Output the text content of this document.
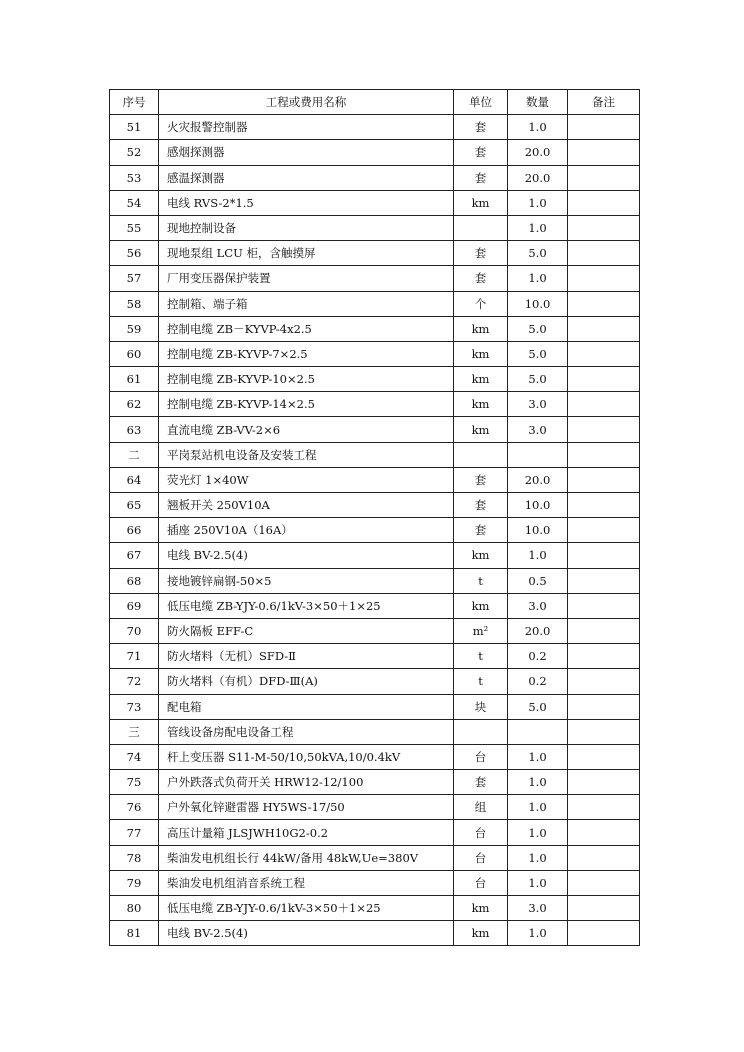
序号	工程或费用名称	单位	数量	备注
51	火灾报警控制器	套	1.0	
52	感烟探测器	套	20.0	
53	感温探测器	套	20.0	
54	电线 RVS-2*1.5	km	1.0	
55	现地控制设备		1.0	
56	现地泵组 LCU 柜，含触摸屏	套	5.0	
57	厂用变压器保护装置	套	1.0	
58	控制箱、端子箱	个	10.0	
59	控制电缆 ZB－KYVP-4x2.5	km	5.0	
60	控制电缆 ZB-KYVP-7×2.5	km	5.0	
61	控制电缆 ZB-KYVP-10×2.5	km	5.0	
62	控制电缆 ZB-KYVP-14×2.5	km	3.0	
63	直流电缆 ZB-VV-2×6	km	3.0	
二	平岗泵站机电设备及安装工程			
64	荧光灯 1×40W	套	20.0	
65	翘板开关 250V10A	套	10.0	
66	插座 250V10A（16A）	套	10.0	
67	电线 BV-2.5(4)	km	1.0	
68	接地镀锌扁钢-50×5	t	0.5	
69	低压电缆 ZB-YJY-0.6/1kV-3×50＋1×25	km	3.0	
70	防火隔板 EFF-C	m²	20.0	
71	防火堵料（无机）SFD-Ⅱ	t	0.2	
72	防火堵料（有机）DFD-Ⅲ(A)	t	0.2	
73	配电箱	块	5.0	
三	管线设备房配电设备工程			
74	杆上变压器 S11-M-50/10,50kVA,10/0.4kV	台	1.0	
75	户外跌落式负荷开关 HRW12-12/100	套	1.0	
76	户外氧化锌避雷器 HY5WS-17/50	组	1.0	
77	高压计量箱 JLSJWH10G2-0.2	台	1.0	
78	柴油发电机组长行 44kW/备用 48kW,Ue=380V	台	1.0	
79	柴油发电机组消音系统工程	台	1.0	
80	低压电缆 ZB-YJY-0.6/1kV-3×50＋1×25	km	3.0	
81	电线 BV-2.5(4)	km	1.0	
